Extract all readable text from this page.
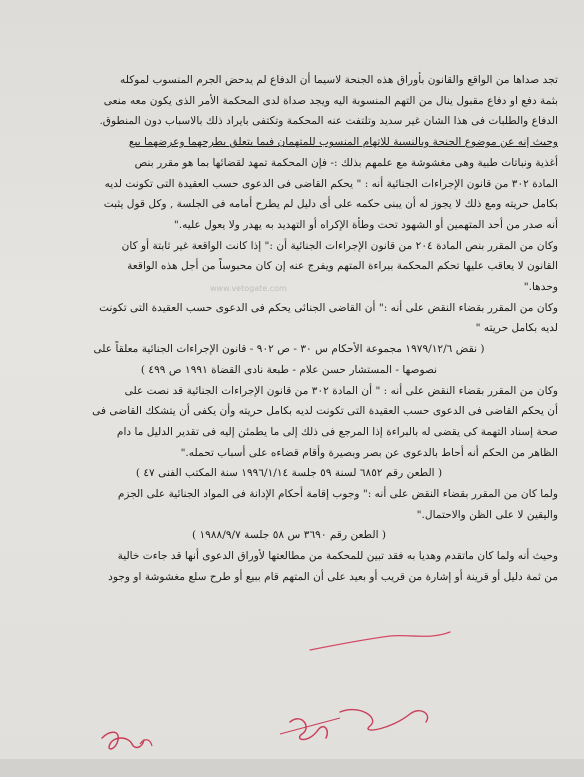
www.vetogate.com
تجد صداها من الواقع والقانون بأوراق هذه الجنحة لاسيما أن الدفاع لم يدحض الجرم المنسوب لموكله
بثمة دفع او دفاع مقبول ينال من التهم المنسوبة اليه ويجد صداة لدى المحكمة الأمر الذى يكون معه منعى
الدفاع والطلبات فى هذا الشان غير سديد وتلتفت عنه المحكمة وتكتفى بايراد ذلك بالاسباب دون المنطوق.
وحيث إنه عن موضوع الجنحة وبالنسبة للاتهام المنسوب للمتهمان فيما يتعلق بطرحهما وعرضهما بيع
أغذية ونباتات طبية وهى مغشوشة مع علمهم بذلك :- فإن المحكمة تمهد لقضائها بما هو مقرر بنص
المادة ٣٠٢ من قانون الإجراءات الجنائية أنه : " يحكم القاضى فى الدعوى حسب العقيدة التى تكونت لديه
بكامل حريته ومع ذلك لا يجوز له أن يبنى حكمه على أى دليل لم يطرح أمامه فى الجلسة , وكل قول يثبت
أنه صدر من أحد المتهمين أو الشهود تحت وطأة الإكراه أو التهديد به يهدر ولا يعول عليه."
وكان من المقرر بنص المادة ٢٠٤ من قانون الإجراءات الجنائية أن :" إذا كانت الواقعة غير ثابتة أو كان
القانون لا يعاقب عليها تحكم المحكمة ببراءة المتهم ويفرج عنه إن كان محبوساً من أجل هذه الواقعة
وحدها."
وكان من المقرر بقضاء النقض على أنه :" أن القاضى الجنائى يحكم فى الدعوى حسب العقيدة التى تكونت
لديه بكامل حريته "
( نقض ١٩٧٩/١٢/٦ مجموعة الأحكام س ٣٠ - ص ٩٠٢ - قانون الإجراءات الجنائية معلقاً على
نصوصها - المستشار حسن علام - طبعة نادى القضاة ١٩٩١ ص ٤٩٩ )
وكان من المقرر بقضاء النقض على أنه : " أن المادة ٣٠٢ من قانون الإجراءات الجنائية قد نصت على
أن يحكم القاضى فى الدعوى حسب العقيدة التى تكونت لديه بكامل حريته وأن يكفى أن يتشكك القاضى فى
صحة إسناد التهمة كى يقضى له بالبراءة إذا المرجع فى ذلك إلى ما يطمئن إليه فى تقدير الدليل ما دام
الظاهر من الحكم أنه أحاط بالدعوى عن بصر وبصيرة وأقام قضاءه على أسباب تحمله."
( الطعن رقم ٦٨٥٢ لسنة ٥٩ جلسة ١٩٩٦/١/١٤ سنة المكتب الفنى ٤٧ )
ولما كان من المقرر بقضاء النقض على أنه :" وجوب إقامة أحكام الإدانة فى المواد الجنائية على الجزم
واليقين لا على الظن والاحتمال."
( الطعن رقم ٣٦٩٠ س ٥٨ جلسة ١٩٨٨/٩/٧ )
وحيث أنه ولما كان ماتقدم وهديا به فقد تبين للمحكمة من مطالعتها لأوراق الدعوى أنها قد جاءت خالية
من ثمة دليل أو قرينة أو إشارة من قريب أو بعيد على أن المتهم قام ببيع أو طرح سلع مغشوشة او وجود
